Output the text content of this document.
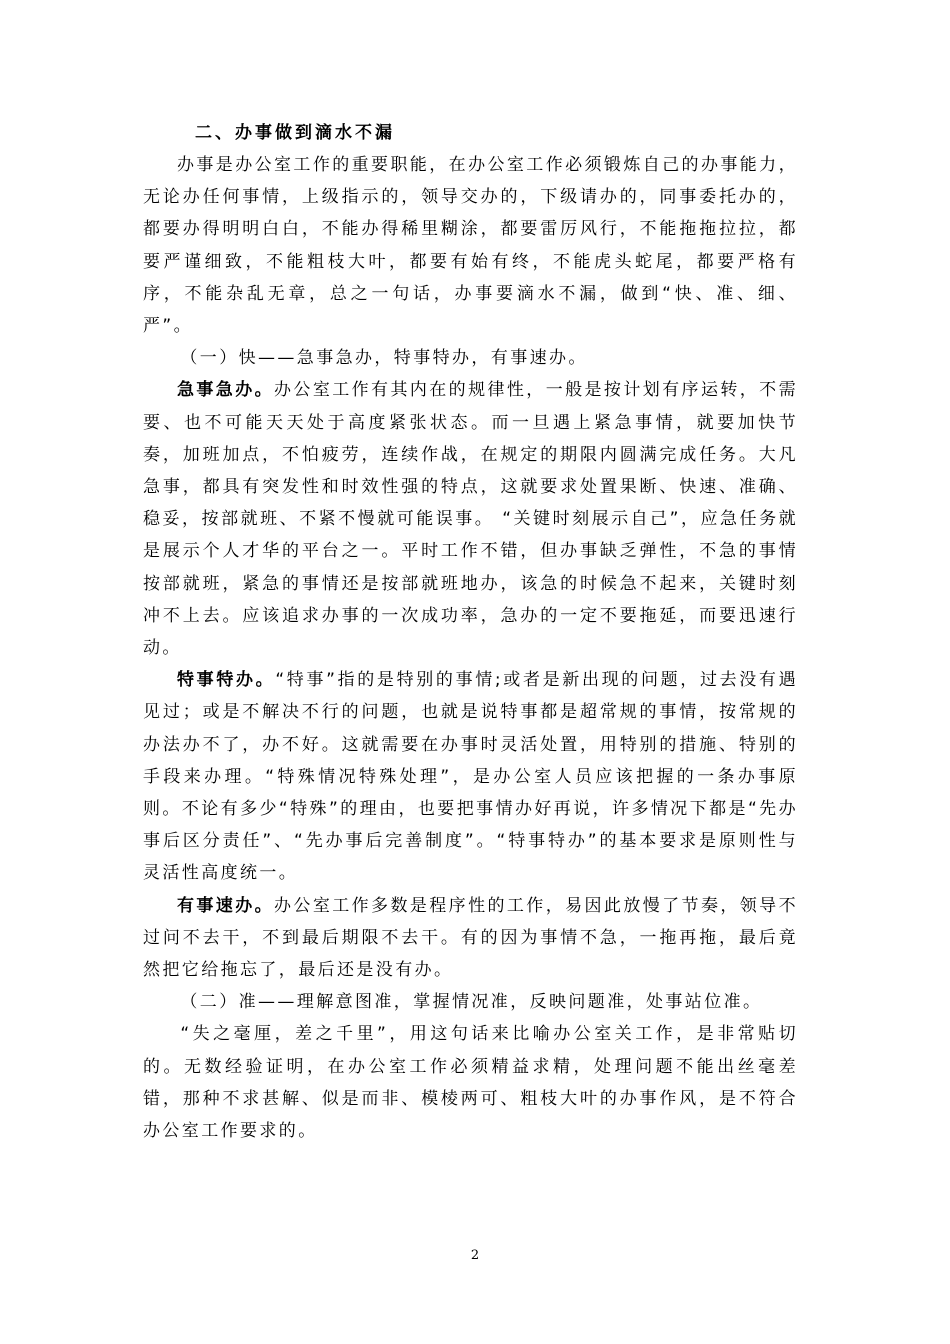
二、办事做到滴水不漏

办事是办公室工作的重要职能，在办公室工作必须锻炼自己的办事能力，无论办任何事情，上级指示的，领导交办的，下级请办的，同事委托办的，都要办得明明白白，不能办得稀里糊涂，都要雷厉风行，不能拖拖拉拉，都要严谨细致，不能粗枝大叶，都要有始有终，不能虎头蛇尾，都要严格有序，不能杂乱无章，总之一句话，办事要滴水不漏，做到“快、准、细、严”。

（一）快——急事急办，特事特办，有事速办。

急事急办。办公室工作有其内在的规律性，一般是按计划有序运转，不需要、也不可能天天处于高度紧张状态。而一旦遇上紧急事情，就要加快节奏，加班加点，不怕疲劳，连续作战，在规定的期限内圆满完成任务。大凡急事，都具有突发性和时效性强的特点，这就要求处置果断、快速、准确、稳妥，按部就班、不紧不慢就可能误事。 “关键时刻展示自己”，应急任务就是展示个人才华的平台之一。平时工作不错，但办事缺乏弹性，不急的事情按部就班，紧急的事情还是按部就班地办，该急的时候急不起来，关键时刻冲不上去。应该追求办事的一次成功率，急办的一定不要拖延，而要迅速行动。

特事特办。“特事”指的是特别的事情;或者是新出现的问题，过去没有遇见过；或是不解决不行的问题，也就是说特事都是超常规的事情，按常规的办法办不了，办不好。这就需要在办事时灵活处置，用特别的措施、特别的手段来办理。“特殊情况特殊处理”，是办公室人员应该把握的一条办事原则。不论有多少“特殊”的理由，也要把事情办好再说，许多情况下都是“先办事后区分责任”、“先办事后完善制度”。“特事特办”的基本要求是原则性与灵活性高度统一。

有事速办。办公室工作多数是程序性的工作，易因此放慢了节奏，领导不过问不去干，不到最后期限不去干。有的因为事情不急，一拖再拖，最后竟然把它给拖忘了，最后还是没有办。

（二）准——理解意图准，掌握情况准，反映问题准，处事站位准。

“失之毫厘，差之千里”，用这句话来比喻办公室关工作，是非常贴切的。无数经验证明，在办公室工作必须精益求精，处理问题不能出丝毫差错，那种不求甚解、似是而非、模棱两可、粗枝大叶的办事作风，是不符合办公室工作要求的。

2
